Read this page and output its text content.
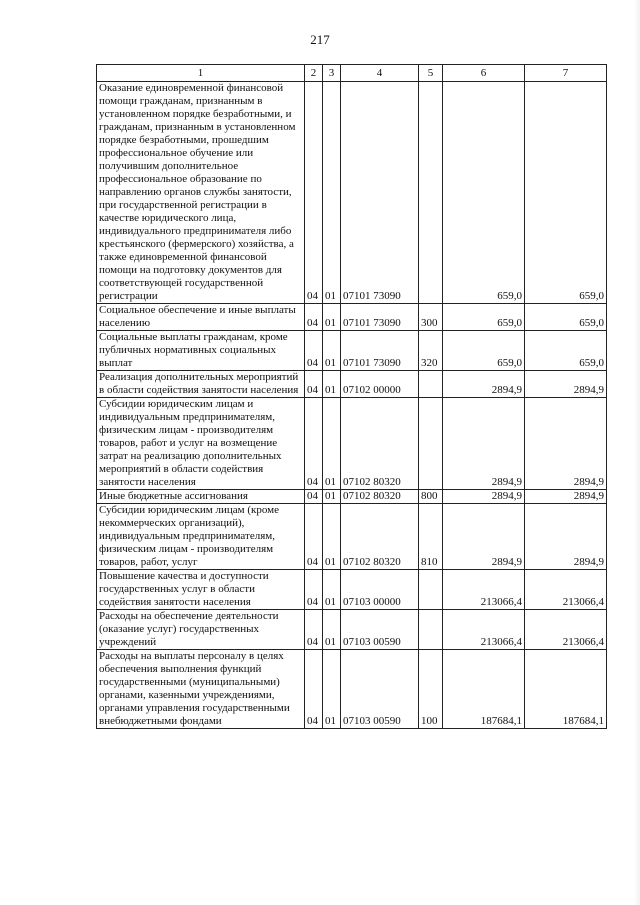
217
1	2	3	4	5	6	7
Оказание единовременной финансовой помощи гражданам, признанным в установленном порядке безработными, и гражданам, признанным в установленном порядке безработными, прошедшим профессиональное обучение или получившим дополнительное профессиональное образование по направлению органов службы занятости, при государственной регистрации в качестве юридического лица, индивидуального предпринимателя либо крестьянского (фермерского) хозяйства, а также единовременной финансовой помощи на подготовку документов для соответствующей государственной регистрации	04	01	07101 73090		659,0	659,0
Социальное обеспечение и иные выплаты населению	04	01	07101 73090	300	659,0	659,0
Социальные выплаты гражданам, кроме публичных нормативных социальных выплат	04	01	07101 73090	320	659,0	659,0
Реализация дополнительных мероприятий в области содействия занятости населения	04	01	07102 00000		2894,9	2894,9
Субсидии юридическим лицам и индивидуальным предпринимателям, физическим лицам - производителям товаров, работ и услуг на возмещение затрат на реализацию дополнительных мероприятий в области содействия занятости населения	04	01	07102 80320		2894,9	2894,9
Иные бюджетные ассигнования	04	01	07102 80320	800	2894,9	2894,9
Субсидии юридическим лицам (кроме некоммерческих организаций), индивидуальным предпринимателям, физическим лицам - производителям товаров, работ, услуг	04	01	07102 80320	810	2894,9	2894,9
Повышение качества и доступности государственных услуг в области содействия занятости населения	04	01	07103 00000		213066,4	213066,4
Расходы на обеспечение деятельности (оказание услуг) государственных учреждений	04	01	07103 00590		213066,4	213066,4
Расходы на выплаты персоналу в целях обеспечения выполнения функций государственными (муниципальными) органами, казенными учреждениями, органами управления государственными внебюджетными фондами	04	01	07103 00590	100	187684,1	187684,1
